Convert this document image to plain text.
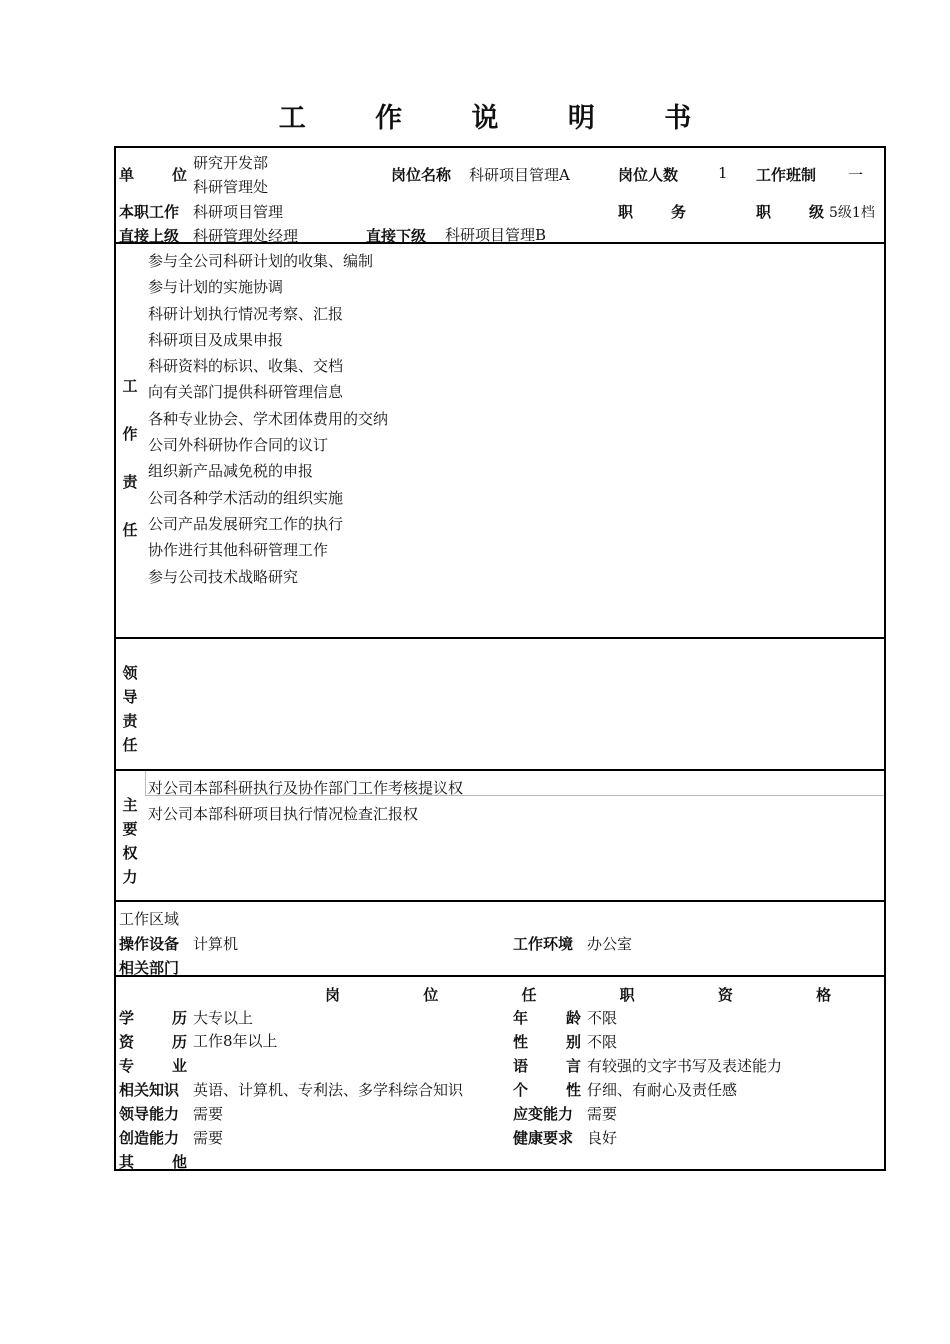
工 作 说 明 书
单 位
研究开发部
科研管理处
岗位名称 科研项目管理A	岗位人数	1 工作班制 一
本职工作 科研项目管理	职 务	职 级 5级1档
直接上级 科研管理处经理	直接下级 科研项目管理B
工
作
责
任
参与全公司科研计划的收集、编制
参与计划的实施协调
科研计划执行情况考察、汇报
科研项目及成果申报
科研资料的标识、收集、交档
向有关部门提供科研管理信息
各种专业协会、学术团体费用的交纳
公司外科研协作合同的议订
组织新产品减免税的申报
公司各种学术活动的组织实施
公司产品发展研究工作的执行
协作进行其他科研管理工作
参与公司技术战略研究
领
导
责
任
主
要
权
力
对公司本部科研执行及协作部门工作考核提议权
对公司本部科研项目执行情况检查汇报权
工作区域
操作设备 计算机	工作环境 办公室
相关部门
岗 位 任 职 资 格
学 历 大专以上	年 龄 不限
资 历 工作8年以上	性 别 不限
专 业	语 言 有较强的文字书写及表述能力
相关知识 英语、计算机、专利法、多学科综合知识	个 性 仔细、有耐心及责任感
领导能力 需要	应变能力 需要
创造能力 需要	健康要求 良好
其 他
